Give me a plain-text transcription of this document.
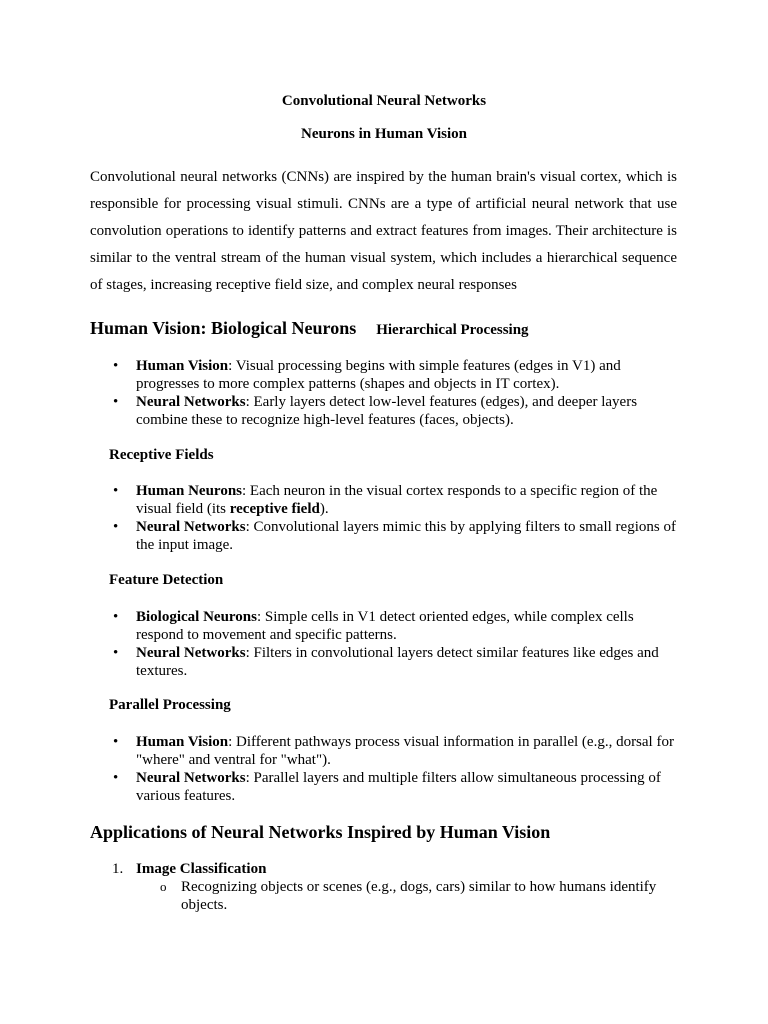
Convolutional Neural Networks

Neurons in Human Vision

Convolutional neural networks (CNNs) are inspired by the human brain's visual cortex, which is responsible for processing visual stimuli. CNNs are a type of artificial neural network that use convolution operations to identify patterns and extract features from images. Their architecture is similar to the ventral stream of the human visual system, which includes a hierarchical sequence of stages, increasing receptive field size, and complex neural responses

Human Vision: Biological Neurons Hierarchical Processing

• Human Vision: Visual processing begins with simple features (edges in V1) and progresses to more complex patterns (shapes and objects in IT cortex).
• Neural Networks: Early layers detect low-level features (edges), and deeper layers combine these to recognize high-level features (faces, objects).

Receptive Fields

• Human Neurons: Each neuron in the visual cortex responds to a specific region of the visual field (its receptive field).
• Neural Networks: Convolutional layers mimic this by applying filters to small regions of the input image.

Feature Detection

• Biological Neurons: Simple cells in V1 detect oriented edges, while complex cells respond to movement and specific patterns.
• Neural Networks: Filters in convolutional layers detect similar features like edges and textures.

Parallel Processing

• Human Vision: Different pathways process visual information in parallel (e.g., dorsal for "where" and ventral for "what").
• Neural Networks: Parallel layers and multiple filters allow simultaneous processing of various features.

Applications of Neural Networks Inspired by Human Vision

1. Image Classification
o Recognizing objects or scenes (e.g., dogs, cars) similar to how humans identify objects.
